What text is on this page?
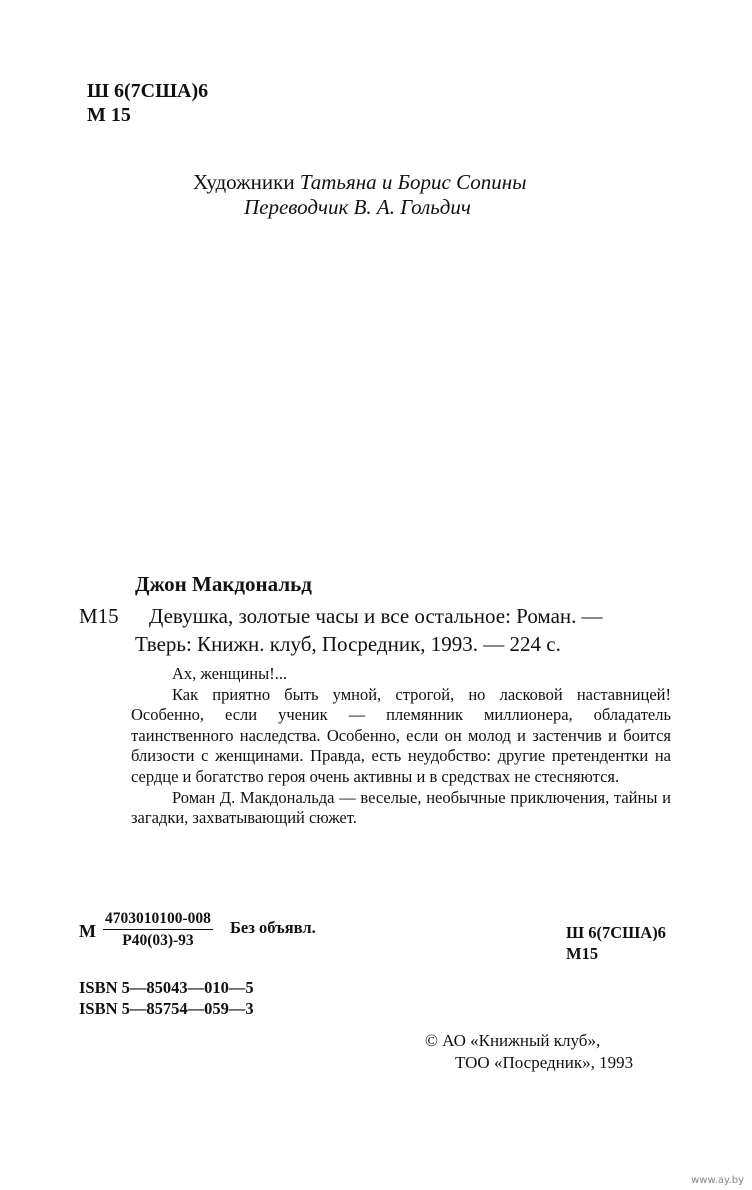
Ш 6(7США)6
М 15
Художники Татьяна и Борис Сопины
Переводчик В. А. Гольдич
Джон Макдональд
М15 Девушка, золотые часы и все остальное: Роман. —
Тверь: Книжн. клуб, Посредник, 1993. — 224 с.

Ах, женщины!...

Как приятно быть умной, строгой, но ласковой наставницей! Особенно, если ученик — племянник миллионера, обладатель таинственного наследства. Особенно, если он молод и застенчив и боится близости с женщинами. Правда, есть неудобство: другие претендентки на сердце и богатство героя очень активны и в средствах не стесняются.

Роман Д. Макдональда — веселые, необычные приключения, тайны и загадки, захватывающий сюжет.

М
4703010100-008
Р40(03)-93
Без объявл.	Ш 6(7США)6
М15
ISBN 5—85043—010—5
ISBN 5—85754—059—3
© АО «Книжный клуб»,
ТОО «Посредник», 1993
www.ay.by
